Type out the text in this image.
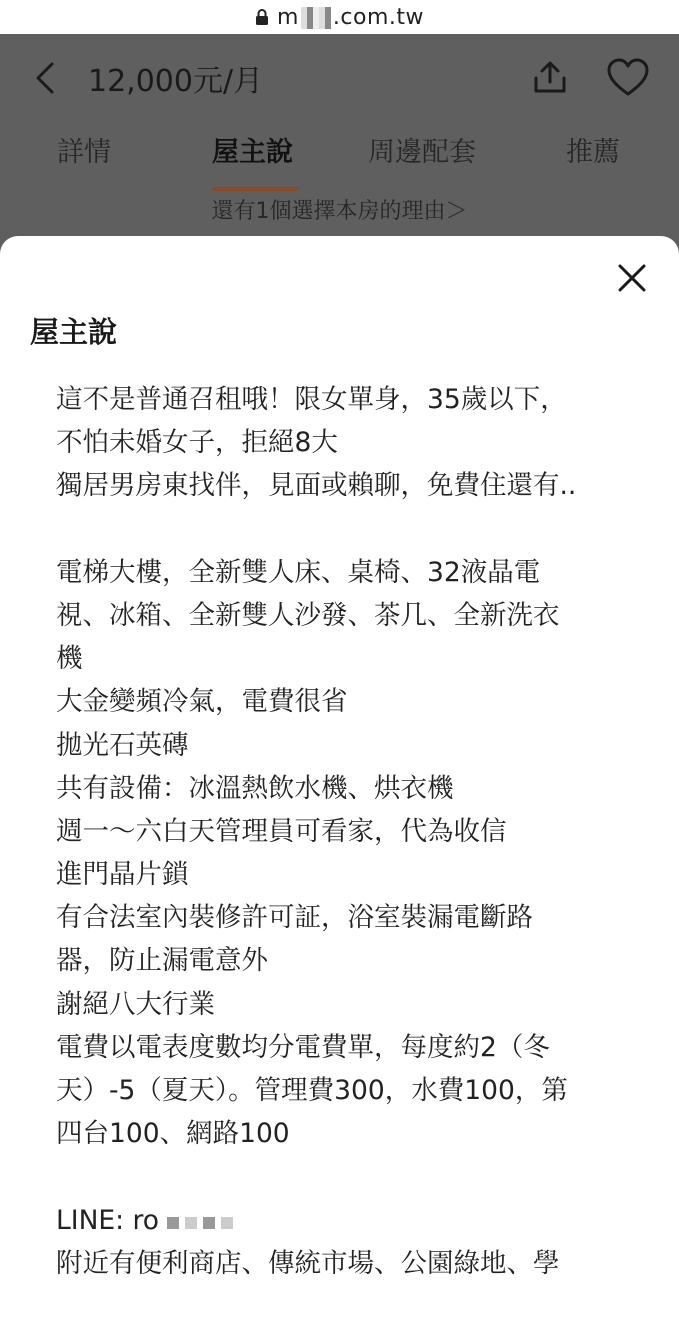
m .com.tw
12,000元/月
詳情	屋主說	周邊配套	推薦
還有1個選擇本房的理由＞
屋主說
這不是普通召租哦！限女單身，35歲以下，
不怕未婚女子，拒絕8大
獨居男房東找伴，見面或賴聊，免費住還有..
電梯大樓，全新雙人床、桌椅、32液晶電
視、冰箱、全新雙人沙發、茶几、全新洗衣
機
大金變頻冷氣，電費很省
拋光石英磚
共有設備：冰溫熱飲水機、烘衣機
週一～六白天管理員可看家，代為收信
進門晶片鎖
有合法室內裝修許可証，浴室裝漏電斷路
器，防止漏電意外
謝絕八大行業
電費以電表度數均分電費單，每度約2（冬
天）-5（夏天）。管理費300，水費100，第
四台100、網路100
LINE: ro
附近有便利商店、傳統市場、公園綠地、學
